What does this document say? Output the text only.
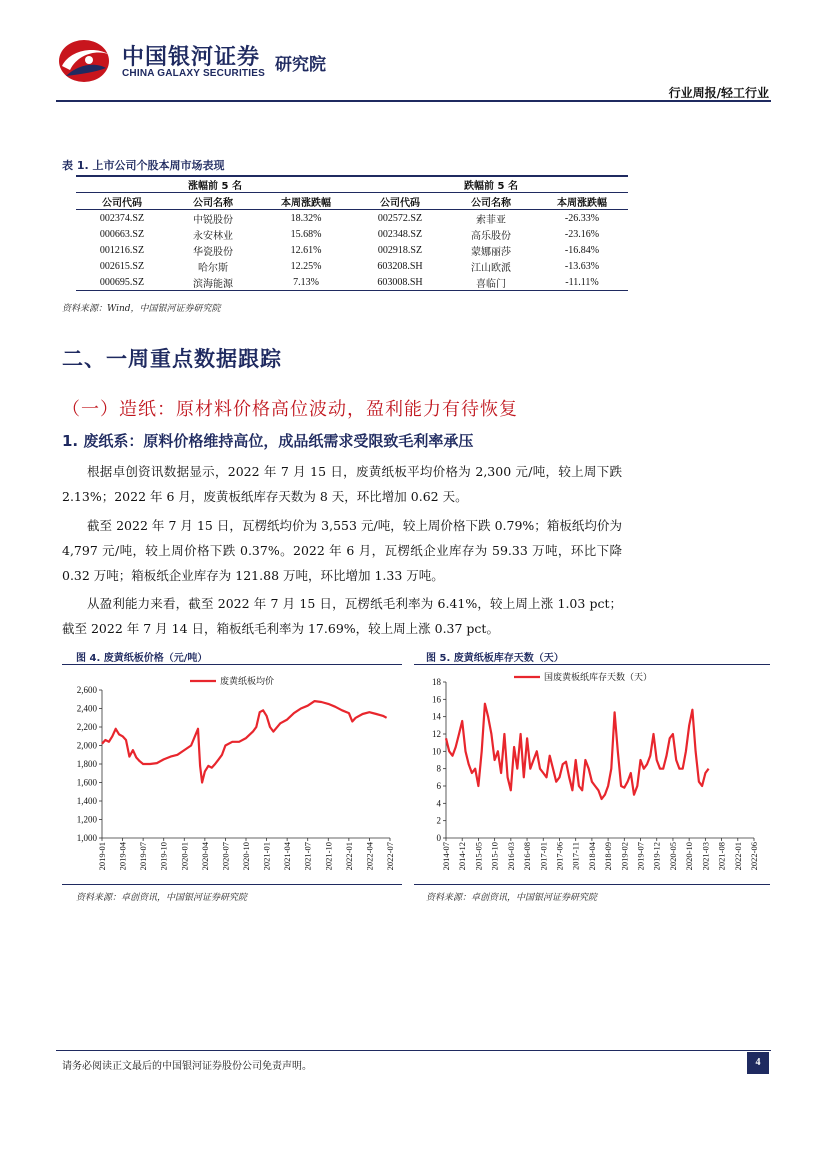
中国银河证券
CHINA GALAXY SECURITIES 研究院
行业周报/轻工行业
表 1. 上市公司个股本周市场表现
涨幅前 5 名			跌幅前 5 名		
公司代码	公司名称	本周涨跌幅	公司代码	公司名称	本周涨跌幅
002374.SZ	中锐股份	18.32%	002572.SZ	索菲亚	-26.33%
000663.SZ	永安林业	15.68%	002348.SZ	高乐股份	-23.16%
001216.SZ	华瓷股份	12.61%	002918.SZ	蒙娜丽莎	-16.84%
002615.SZ	哈尔斯	12.25%	603208.SH	江山欧派	-13.63%
000695.SZ	滨海能源	7.13%	603008.SH	喜临门	-11.11%
资料来源：Wind，中国银河证券研究院
二、一周重点数据跟踪
（一）造纸：原材料价格高位波动，盈利能力有待恢复
1. 废纸系：原料价格维持高位，成品纸需求受限致毛利率承压
根据卓创资讯数据显示，2022 年 7 月 15 日，废黄纸板平均价格为 2,300 元/吨，较上周下跌 2.13%；2022 年 6 月，废黄板纸库存天数为 8 天，环比增加 0.62 天。
截至 2022 年 7 月 15 日，瓦楞纸均价为 3,553 元/吨，较上周价格下跌 0.79%；箱板纸均价为 4,797 元/吨，较上周价格下跌 0.37%。2022 年 6 月，瓦楞纸企业库存为 59.33 万吨，环比下降 0.32 万吨；箱板纸企业库存为 121.88 万吨，环比增加 1.33 万吨。
从盈利能力来看，截至 2022 年 7 月 15 日，瓦楞纸毛利率为 6.41%，较上周上涨 1.03 pct；截至 2022 年 7 月 14 日，箱板纸毛利率为 17.69%，较上周上涨 0.37 pct。
图 4. 废黄纸板价格（元/吨）
1,000
1,200
1,400
1,600
1,800
2,000
2,200
2,400
2,600
2019-01 2019-04 2019-07 2019-10 2020-01 2020-04 2020-07 2020-10 2021-01 2021-04 2021-07 2021-10 2022-01 2022-04 2022-07
废黄纸板均价
资料来源：卓创资讯，中国银河证券研究院
图 5. 废黄纸板库存天数（天）
0
2
4
6
8
10
12
14
16
18
2014-07 2014-12 2015-05 2015-10 2016-03 2016-08 2017-01 2017-06 2017-11 2018-04 2018-09 2019-02 2019-07 2019-12 2020-05 2020-10 2021-03 2021-08 2022-01 2022-06
国废黄板纸库存天数（天）
资料来源：卓创资讯，中国银河证券研究院
请务必阅读正文最后的中国银河证券股份公司免责声明。	4
